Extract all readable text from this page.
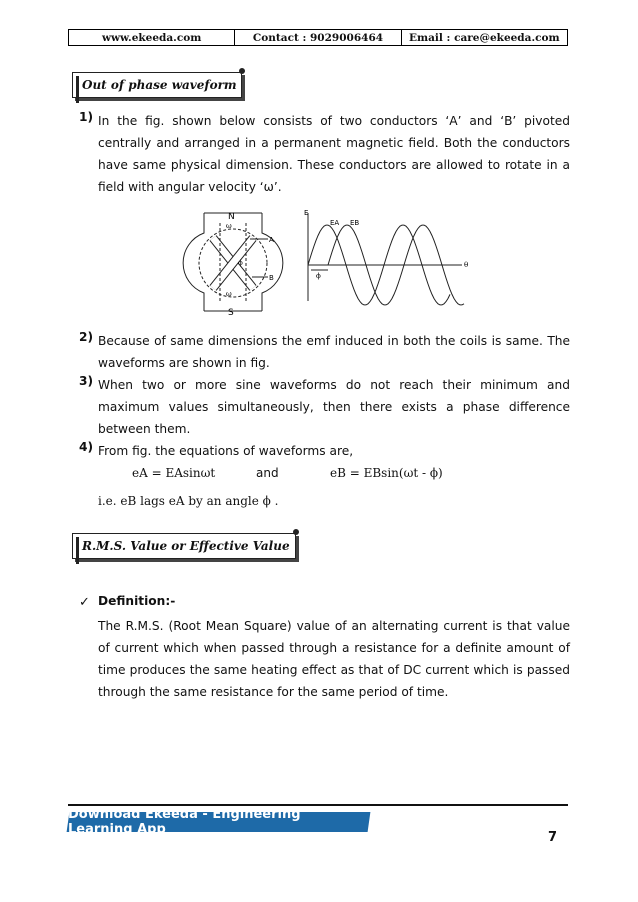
www.ekeeda.com	Contact : 9029006464	Email : care@ekeeda.com
Out of phase waveform
1) In the fig. shown below consists of two conductors ‘A’ and ‘B’ pivoted centrally and arranged in a permanent magnetic field. Both the conductors have same physical dimension. These conductors are allowed to rotate in a field with angular velocity ‘ω’.
N
S
A
B
ϕ
ω
ω
E
EA EB
ϕ
θ
2) Because of same dimensions the emf induced in both the coils is same. The waveforms are shown in fig.
3) When two or more sine waveforms do not reach their minimum and maximum values simultaneously, then there exists a phase difference between them.
4) From fig. the equations of waveforms are,
eA = EAsinωt	and	eB = EBsin(ωt - ϕ)
i.e. eB lags eA by an angle ϕ .
R.M.S. Value or Effective Value
✓ Definition:-
The R.M.S. (Root Mean Square) value of an alternating current is that value of current which when passed through a resistance for a definite amount of time produces the same heating effect as that of DC current which is passed through the same resistance for the same period of time.
Download Ekeeda - Engineering Learning App
7
